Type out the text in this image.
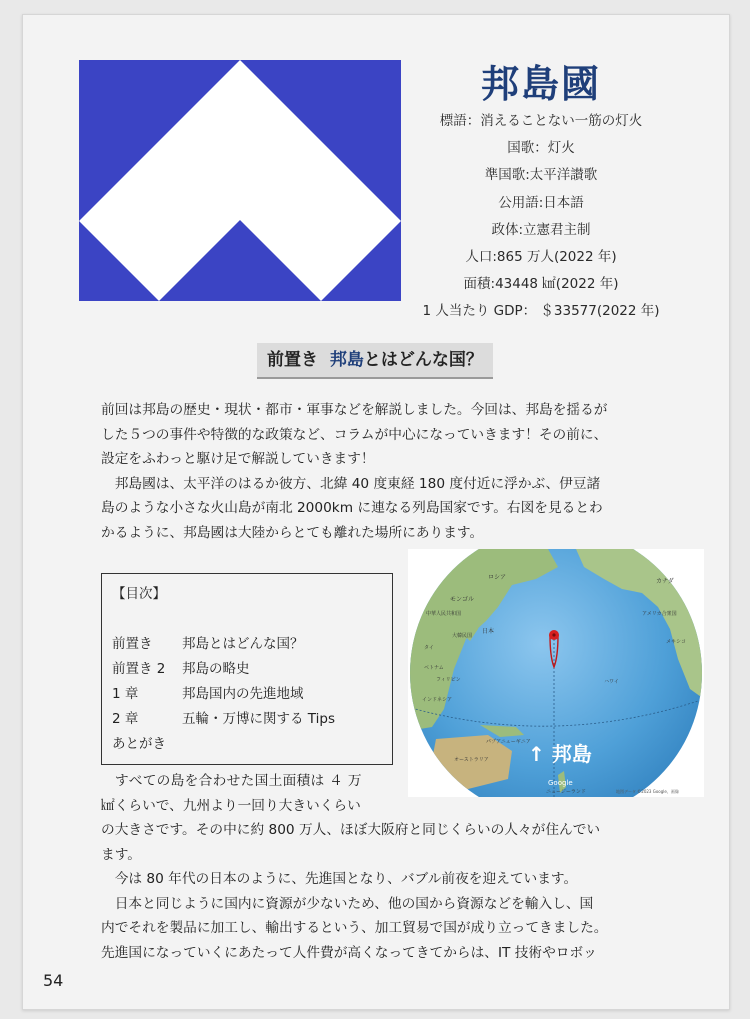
邦島國
標語：消えることない一筋の灯火
国歌：灯火
準国歌:太平洋讃歌
公用語:日本語
政体:立憲君主制
人口:865 万人(2022 年)
面積:43448 ㎢(2022 年)
1 人当たり GDP： ＄33577(2022 年)
前置き 邦島とはどんな国？
前回は邦島の歴史・現状・都市・軍事などを解説しました。今回は、邦島を揺るが
した５つの事件や特徴的な政策など、コラムが中心になっていきます！その前に、
設定をふわっと駆け足で解説していきます！
　邦島國は、太平洋のはるか彼方、北緯 40 度東経 180 度付近に浮かぶ、伊豆諸
島のような小さな火山島が南北 2000km に連なる列島国家です。右図を見るとわ
かるように、邦島國は大陸からとても離れた場所にあります。
【目次】
前置き 邦島とはどんな国？
前置き 2 邦島の略史
1 章	邦島国内の先進地域
2 章	五輪・万博に関する Tips
あとがき
ロシア
モンゴル
中華人民共和国
日本
大韓民国
タイ
ベトナム
フィリピン
インドネシア
パプアニューギニア
オーストラリア
ニュージーランド
カナダ
アメリカ合衆国
メキシコ
ハワイ
↑ 邦島
Google
地図データ ©2023 Google、画像
　すべての島を合わせた国土面積は ４ 万
㎢くらいで、九州より一回り大きいくらい
の大きさです。その中に約 800 万人、ほぼ大阪府と同じくらいの人々が住んでい
ます。
　今は 80 年代の日本のように、先進国となり、バブル前夜を迎えています。
　日本と同じように国内に資源が少ないため、他の国から資源などを輸入し、国
内でそれを製品に加工し、輸出するという、加工貿易で国が成り立ってきました。
先進国になっていくにあたって人件費が高くなってきてからは、IT 技術やロボッ
54
